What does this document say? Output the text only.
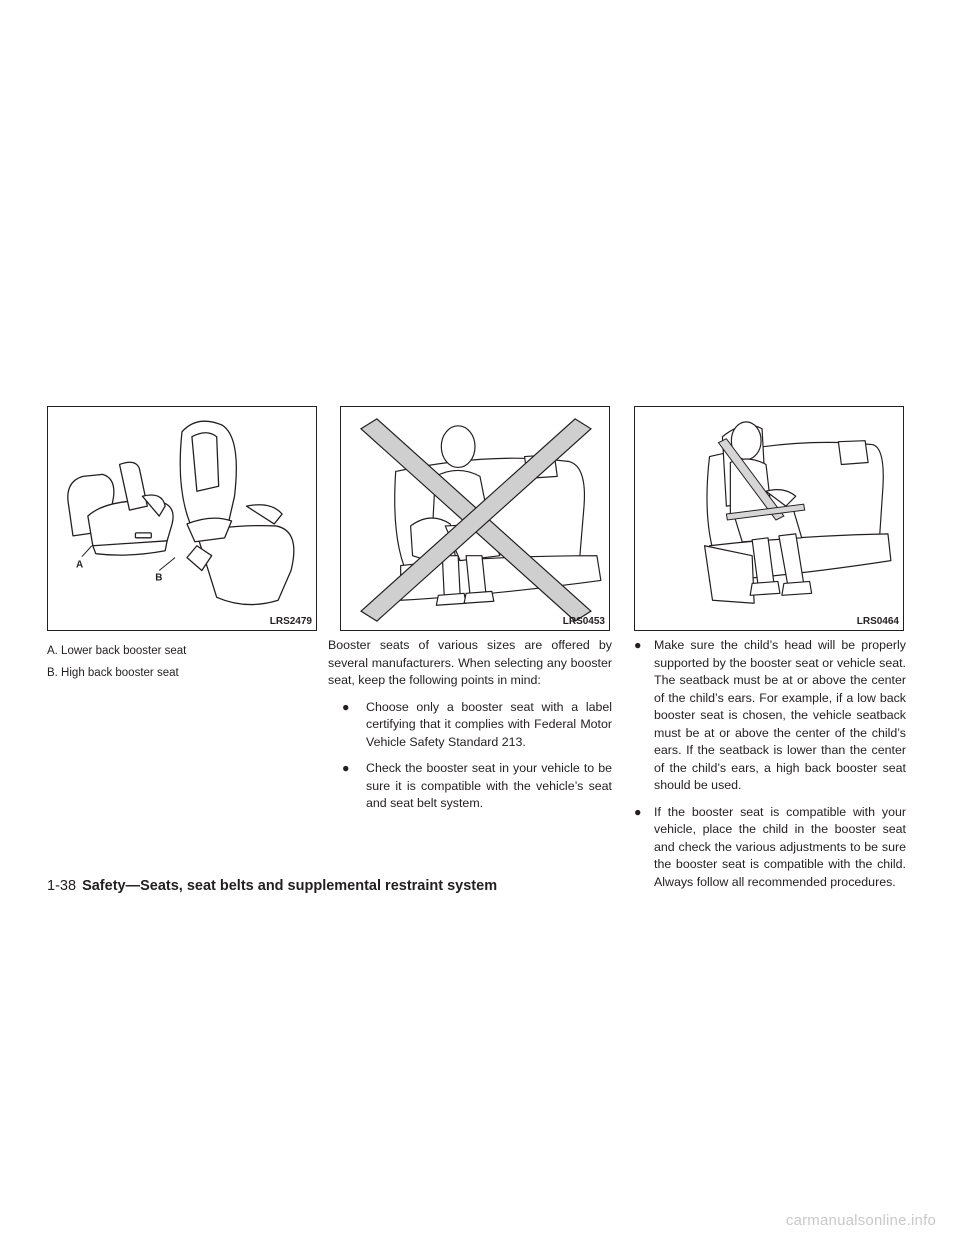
A
B
LRS2479	LRS0453	LRS0464
A. Lower back booster seat
B. High back booster seat

Booster seats of various sizes are offered by several manufacturers. When selecting any booster seat, keep the following points in mind:

● Choose only a booster seat with a label certifying that it complies with Federal Motor Vehicle Safety Standard 213.
● Check the booster seat in your vehicle to be sure it is compatible with the vehicle’s seat and seat belt system.
● Make sure the child’s head will be properly supported by the booster seat or vehicle seat. The seatback must be at or above the center of the child’s ears. For example, if a low back booster seat is chosen, the vehicle seatback must be at or above the center of the child’s ears. If the seatback is lower than the center of the child’s ears, a high back booster seat should be used.
● If the booster seat is compatible with your vehicle, place the child in the booster seat and check the various adjustments to be sure the booster seat is compatible with the child. Always follow all recommended procedures.
1-38 Safety—Seats, seat belts and supplemental restraint system
carmanualsonline.info
